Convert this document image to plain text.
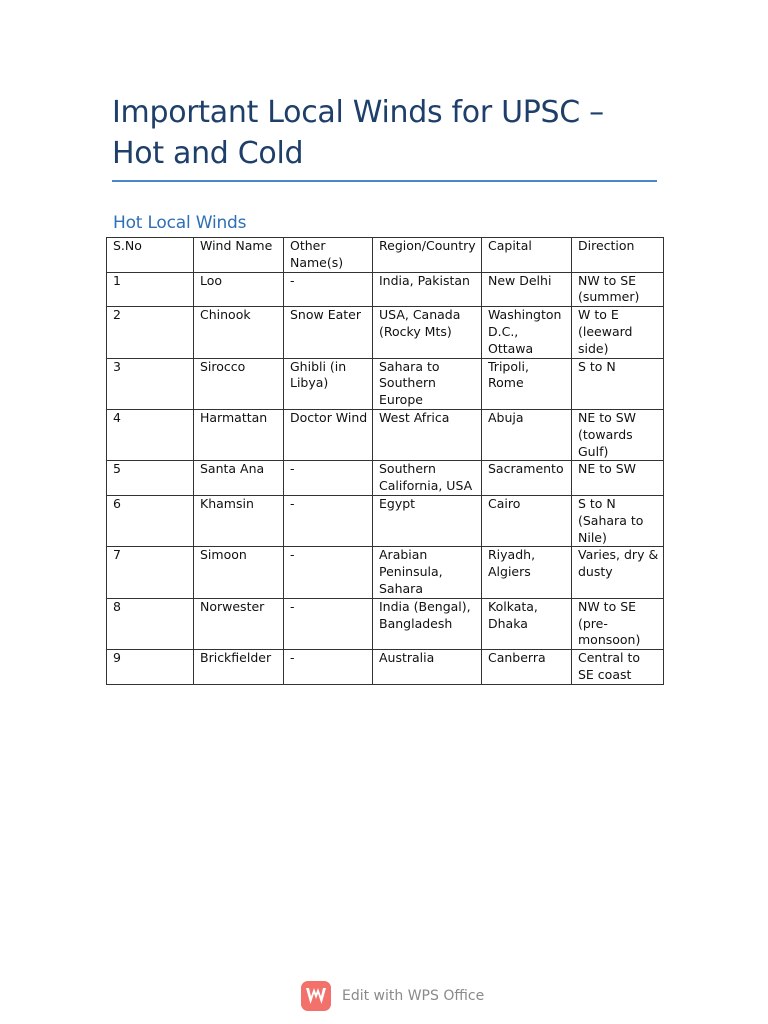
Important Local Winds for UPSC –
Hot and Cold
Hot Local Winds
S.No	Wind Name	Other Name(s)	Region/Country	Capital	Direction
1	Loo	-	India, Pakistan	New Delhi	NW to SE (summer)
2	Chinook	Snow Eater	USA, Canada (Rocky Mts)	Washington D.C., Ottawa	W to E (leeward side)
3	Sirocco	Ghibli (in Libya)	Sahara to Southern Europe	Tripoli, Rome	S to N
4	Harmattan	Doctor Wind	West Africa	Abuja	NE to SW (towards Gulf)
5	Santa Ana	-	Southern California, USA	Sacramento	NE to SW
6	Khamsin	-	Egypt	Cairo	S to N (Sahara to Nile)
7	Simoon	-	Arabian Peninsula, Sahara	Riyadh, Algiers	Varies, dry & dusty
8	Norwester	-	India (Bengal), Bangladesh	Kolkata, Dhaka	NW to SE (pre-monsoon)
9	Brickfielder	-	Australia	Canberra	Central to SE coast
Edit with WPS Office
